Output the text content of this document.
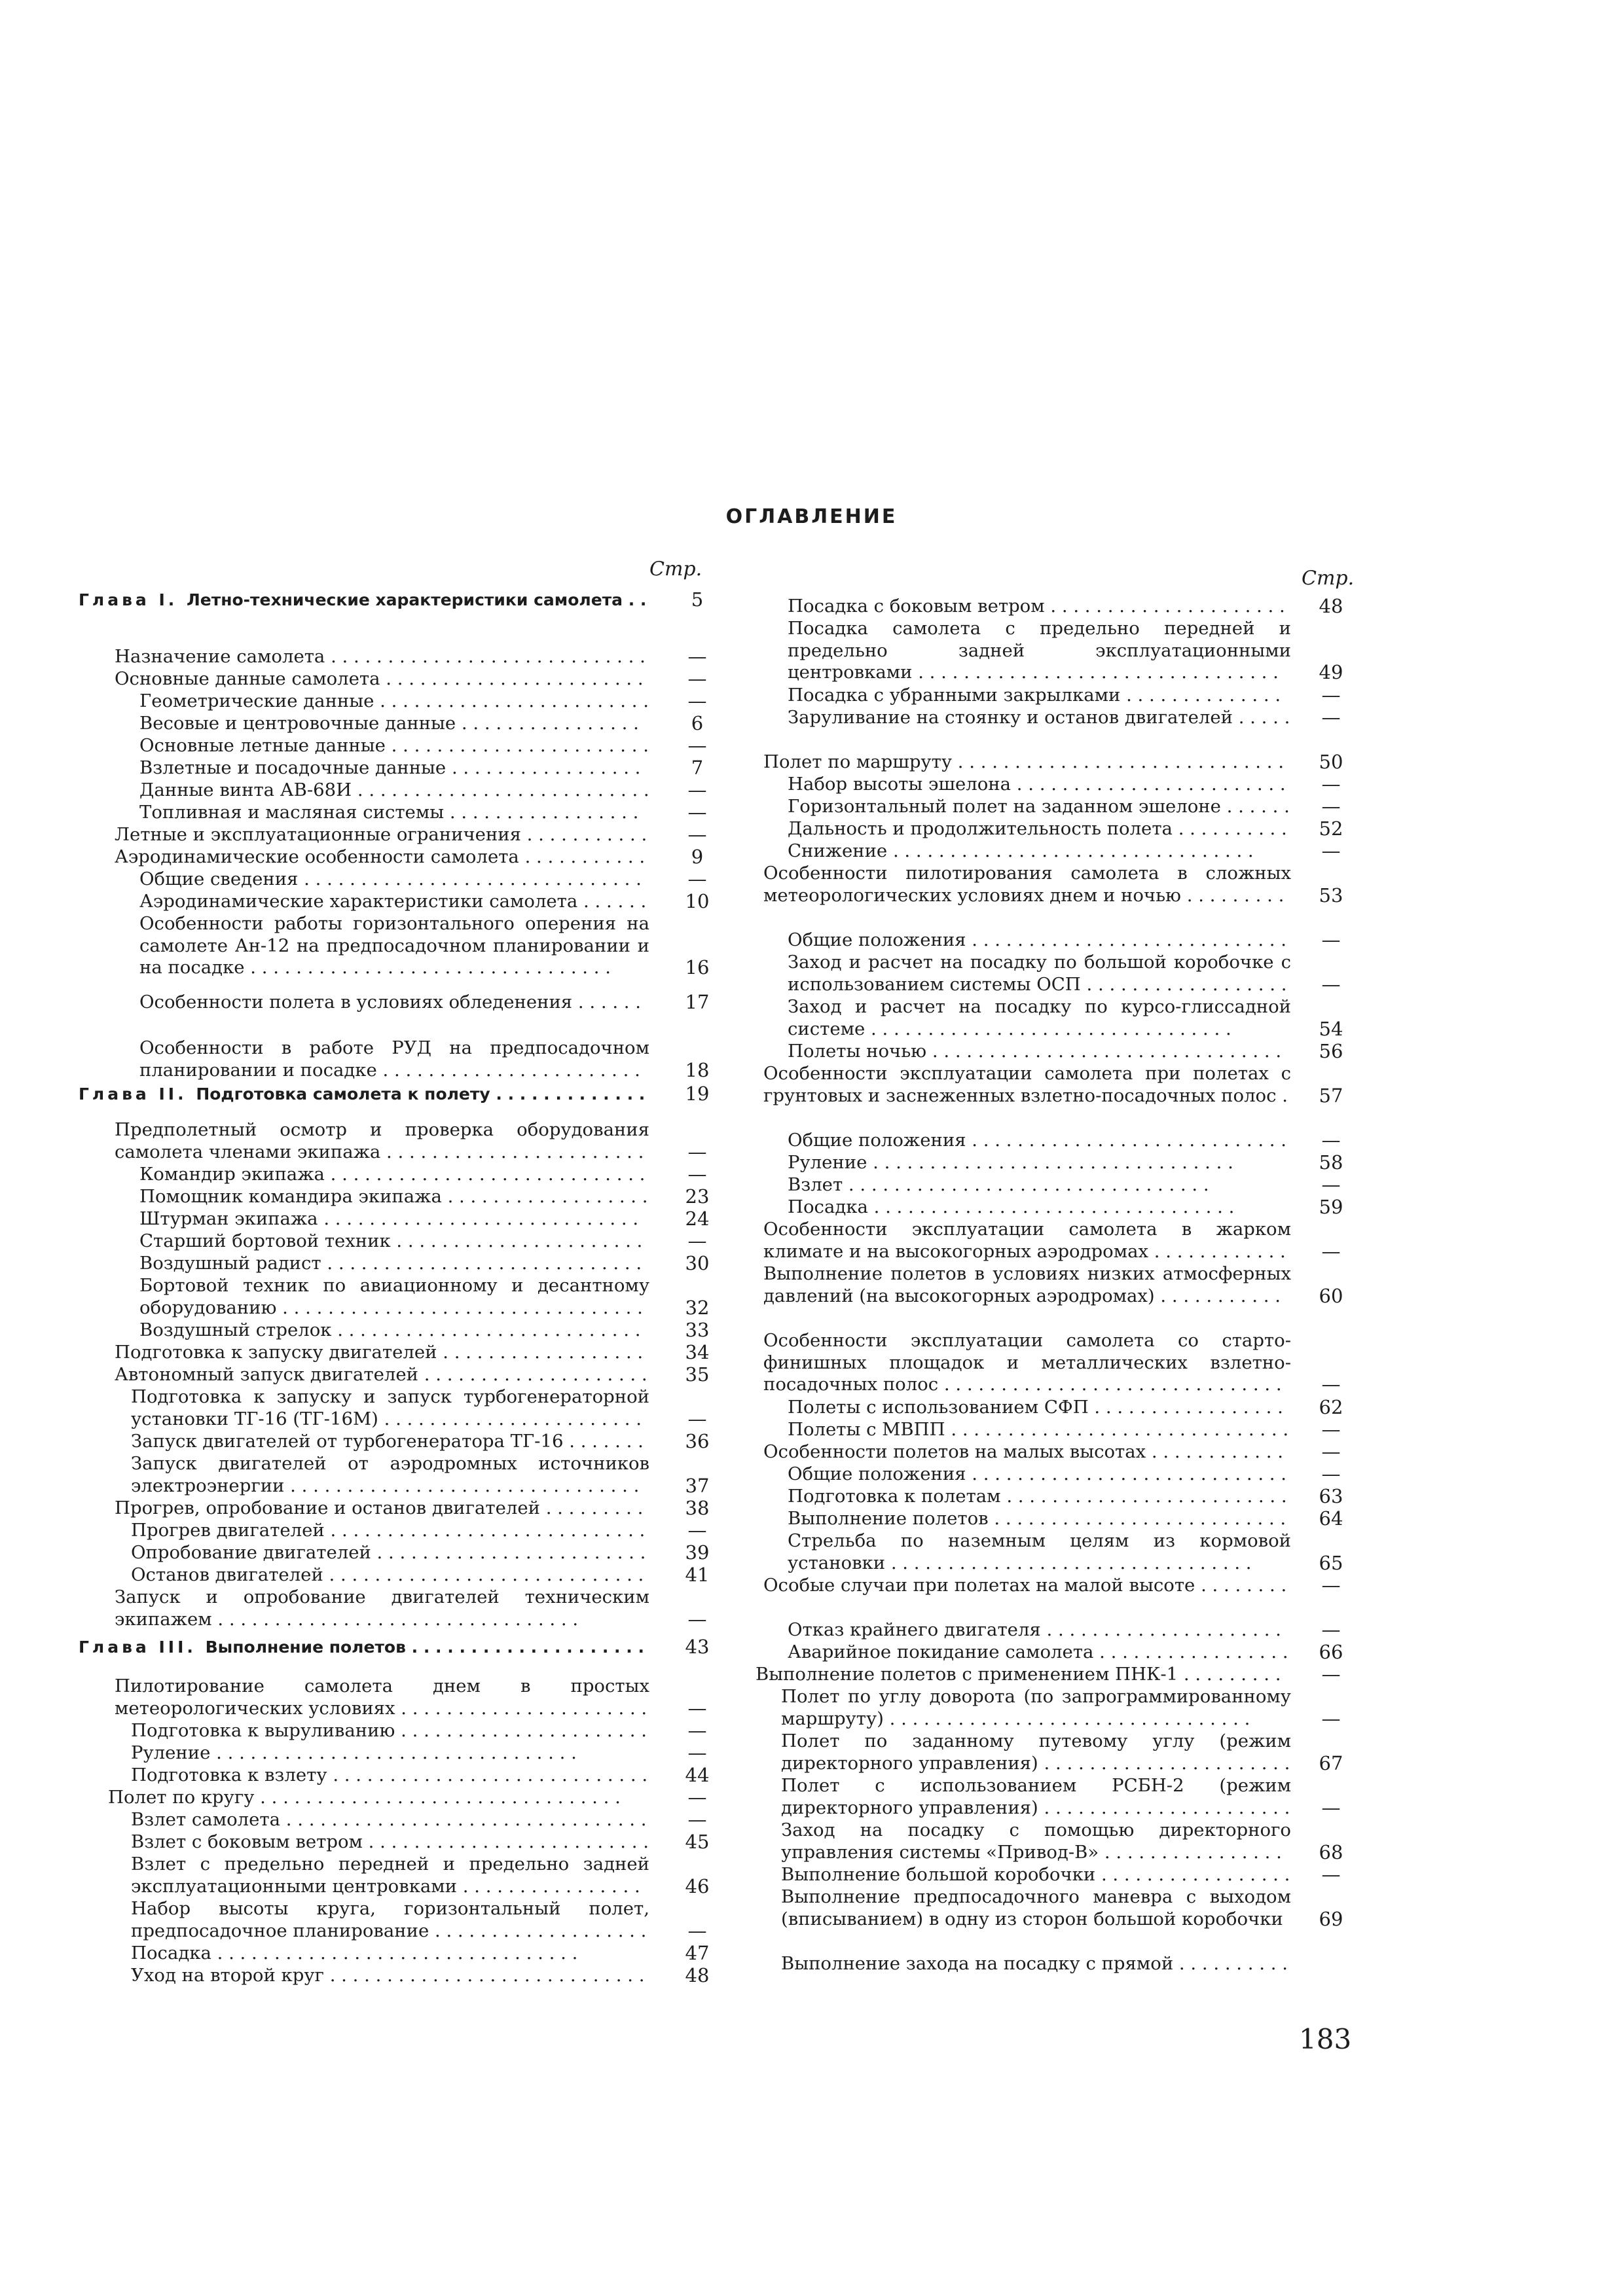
ОГЛАВЛЕНИЕ
Стр.
Глава I. Летно-технические характеристики самолета . .	5
Назначение самолета . . . . . . . . . . . . . . . . . . . . . . . . . . . .	—
Основные данные самолета . . . . . . . . . . . . . . . . . . . . . . .	—
Геометрические данные . . . . . . . . . . . . . . . . . . . . . . . .	—
Весовые и центровочные данные . . . . . . . . . . . . . . . .	6
Основные летные данные . . . . . . . . . . . . . . . . . . . . . . .	—
Взлетные и посадочные данные . . . . . . . . . . . . . . . . .	7
Данные винта АВ-68И . . . . . . . . . . . . . . . . . . . . . . . . . .	—
Топливная и масляная системы . . . . . . . . . . . . . . . . .	—
Летные и эксплуатационные ограничения . . . . . . . . . . .	—
Аэродинамические особенности самолета . . . . . . . . . . .	9
Общие сведения . . . . . . . . . . . . . . . . . . . . . . . . . . . . . .	—
Аэродинамические характеристики самолета . . . . . .	10
Особенности работы горизонтального оперения на самолете Ан-12 на предпосадочном планировании и на посадке . . . . . . . . . . . . . . . . . . . . . . . . . . . . . . . .	16
Особенности полета в условиях обледенения . . . . . .	17
Особенности в работе РУД на предпосадочном планировании и посадке . . . . . . . . . . . . . . . . . . . . . . .	18
Глава II. Подготовка самолета к полету . . . . . . . . . . . . .	19
Предполетный осмотр и проверка оборудования самолета членами экипажа . . . . . . . . . . . . . . . . . . . . . . .	—
Командир экипажа . . . . . . . . . . . . . . . . . . . . . . . . . . . .	—
Помощник командира экипажа . . . . . . . . . . . . . . . . . .	23
Штурман экипажа . . . . . . . . . . . . . . . . . . . . . . . . . . . .	24
Старший бортовой техник . . . . . . . . . . . . . . . . . . . . . .	—
Воздушный радист . . . . . . . . . . . . . . . . . . . . . . . . . . . .	30
Бортовой техник по авиационному и десантному оборудованию . . . . . . . . . . . . . . . . . . . . . . . . . . . . . . . .	32
Воздушный стрелок . . . . . . . . . . . . . . . . . . . . . . . . . . .	33
Подготовка к запуску двигателей . . . . . . . . . . . . . . . . . .	34
Автономный запуск двигателей . . . . . . . . . . . . . . . . . . . .	35
Подготовка к запуску и запуск турбогенераторной установки ТГ-16 (ТГ-16М) . . . . . . . . . . . . . . . . . . . . . . .	—
Запуск двигателей от турбогенератора ТГ-16 . . . . . . .	36
Запуск двигателей от аэродромных источников электроэнергии . . . . . . . . . . . . . . . . . . . . . . . . . . . . . . .	37
Прогрев, опробование и останов двигателей . . . . . . . . .	38
Прогрев двигателей . . . . . . . . . . . . . . . . . . . . . . . . . . . .	—
Опробование двигателей . . . . . . . . . . . . . . . . . . . . . . . .	39
Останов двигателей . . . . . . . . . . . . . . . . . . . . . . . . . . . .	41
Запуск и опробование двигателей техническим экипажем . . . . . . . . . . . . . . . . . . . . . . . . . . . . . . . .	—
Глава III. Выполнение полетов . . . . . . . . . . . . . . . . . . . .	43
Пилотирование самолета днем в простых метеорологических условиях . . . . . . . . . . . . . . . . . . . . . .	—
Подготовка к выруливанию . . . . . . . . . . . . . . . . . . . . . .	—
Руление . . . . . . . . . . . . . . . . . . . . . . . . . . . . . . . .	—
Подготовка к взлету . . . . . . . . . . . . . . . . . . . . . . . . . . . .	44
Полет по кругу . . . . . . . . . . . . . . . . . . . . . . . . . . . . . . . .	—
Взлет самолета . . . . . . . . . . . . . . . . . . . . . . . . . . . . . . . .	—
Взлет с боковым ветром . . . . . . . . . . . . . . . . . . . . . . . . .	45
Взлет с предельно передней и предельно задней эксплуатационными центровками . . . . . . . . . . . . . . . .	46
Набор высоты круга, горизонтальный полет, предпосадочное планирование . . . . . . . . . . . . . . . . . . .	—
Посадка . . . . . . . . . . . . . . . . . . . . . . . . . . . . . . . .	47
Уход на второй круг . . . . . . . . . . . . . . . . . . . . . . . . . . . .	48
Стр.
Посадка с боковым ветром . . . . . . . . . . . . . . . . . . . . .	48
Посадка самолета с предельно передней и предельно задней эксплуатационными центровками . . . . . . . . . . . . . . . . . . . . . . . . . . . . . . . .	49
Посадка с убранными закрылками . . . . . . . . . . . . . .	—
Заруливание на стоянку и останов двигателей . . . . .	—
Полет по маршруту . . . . . . . . . . . . . . . . . . . . . . . . . . . . .	50
Набор высоты эшелона . . . . . . . . . . . . . . . . . . . . . . . .	—
Горизонтальный полет на заданном эшелоне . . . . . .	—
Дальность и продолжительность полета . . . . . . . . . .	52
Снижение . . . . . . . . . . . . . . . . . . . . . . . . . . . . . . . .	—
Особенности пилотирования самолета в сложных метеорологических условиях днем и ночью . . . . . . . . .	53
Общие положения . . . . . . . . . . . . . . . . . . . . . . . . . . . .	—
Заход и расчет на посадку по большой коробочке с использованием системы ОСП . . . . . . . . . . . . . . . . . .	—
Заход и расчет на посадку по курсо-глиссадной системе . . . . . . . . . . . . . . . . . . . . . . . . . . . . . . . .	54
Полеты ночью . . . . . . . . . . . . . . . . . . . . . . . . . . . . . . .	56
Особенности эксплуатации самолета при полетах с грунтовых и заснеженных взлетно-посадочных полос .	57
Общие положения . . . . . . . . . . . . . . . . . . . . . . . . . . . .	—
Руление . . . . . . . . . . . . . . . . . . . . . . . . . . . . . . . .	58
Взлет . . . . . . . . . . . . . . . . . . . . . . . . . . . . . . . .	—
Посадка . . . . . . . . . . . . . . . . . . . . . . . . . . . . . . . .	59
Особенности эксплуатации самолета в жарком климате и на высокогорных аэродромах . . . . . . . . . . . .	—
Выполнение полетов в условиях низких атмосферных давлений (на высокогорных аэродромах) . . . . . . . . . . .	60
Особенности эксплуатации самолета со старто-финишных площадок и металлических взлетно-посадочных полос . . . . . . . . . . . . . . . . . . . . . . . . . . . . . .	—
Полеты с использованием СФП . . . . . . . . . . . . . . . . .	62
Полеты с МВПП . . . . . . . . . . . . . . . . . . . . . . . . . . . . . .	—
Особенности полетов на малых высотах . . . . . . . . . . . .	—
Общие положения . . . . . . . . . . . . . . . . . . . . . . . . . . . .	—
Подготовка к полетам . . . . . . . . . . . . . . . . . . . . . . . . .	63
Выполнение полетов . . . . . . . . . . . . . . . . . . . . . . . . . .	64
Стрельба по наземным целям из кормовой установки . . . . . . . . . . . . . . . . . . . . . . . . . . . . . . . .	65
Особые случаи при полетах на малой высоте . . . . . . . .	—
Отказ крайнего двигателя . . . . . . . . . . . . . . . . . . . . .	—
Аварийное покидание самолета . . . . . . . . . . . . . . . . .	66
Выполнение полетов с применением ПНК-1 . . . . . . . . .	—
Полет по углу доворота (по запрограммированному маршруту) . . . . . . . . . . . . . . . . . . . . . . . . . . . . . . . .	—
Полет по заданному путевому углу (режим директорного управления) . . . . . . . . . . . . . . . . . . . . . .	67
Полет с использованием РСБН-2 (режим директорного управления) . . . . . . . . . . . . . . . . . . . . . .	—
Заход на посадку с помощью директорного управления системы «Привод-В» . . . . . . . . . . . . . . . .	68
Выполнение большой коробочки . . . . . . . . . . . . . . . . .	—
Выполнение предпосадочного маневра с выходом (вписыванием) в одну из сторон большой коробочки	69
Выполнение захода на посадку с прямой . . . . . . . . . .
183
